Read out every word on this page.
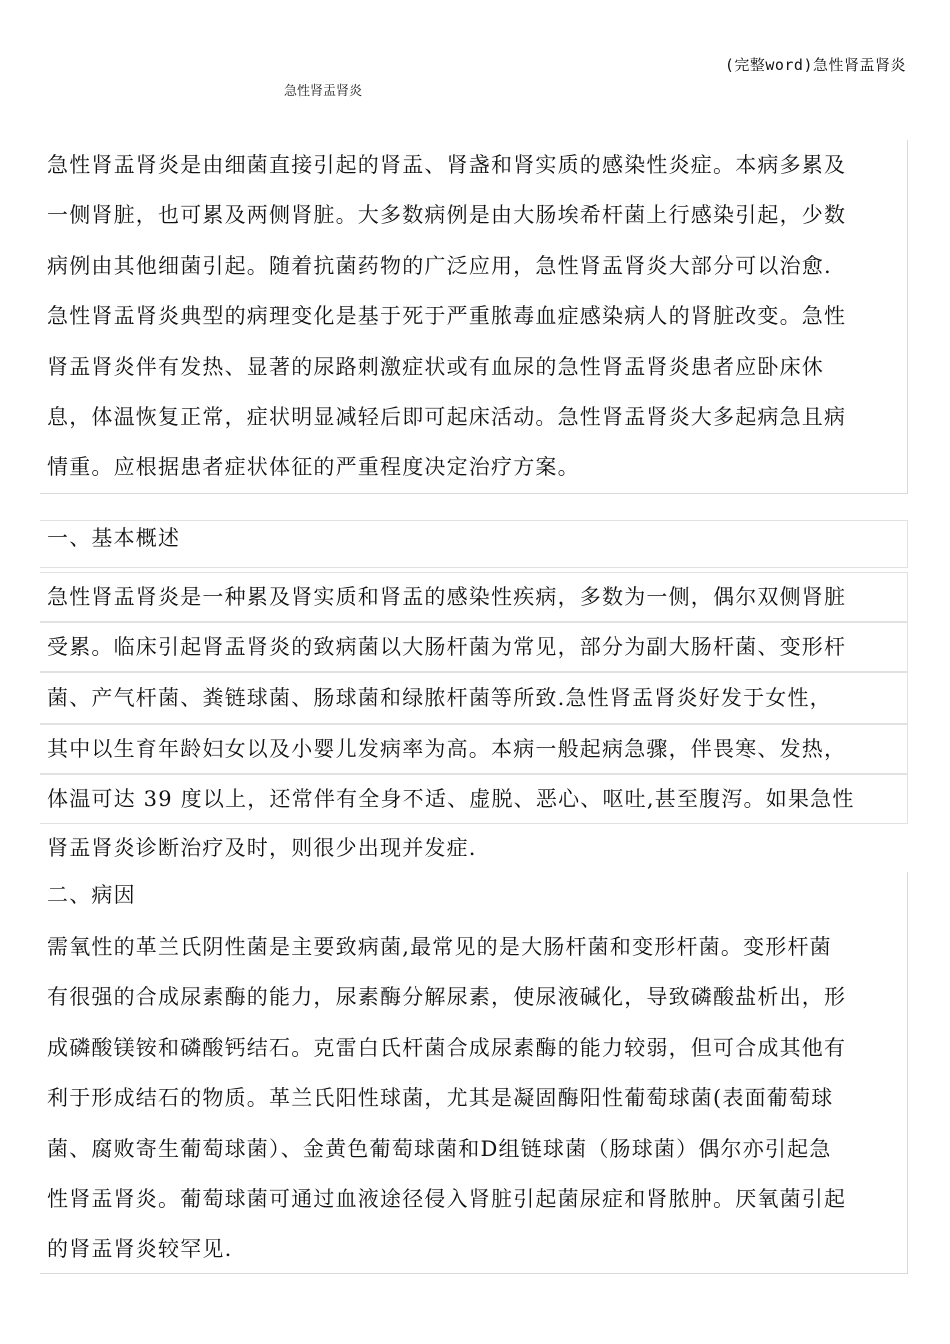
(完整word)急性肾盂肾炎
急性肾盂肾炎
急性肾盂肾炎是由细菌直接引起的肾盂、肾盏和肾实质的感染性炎症。本病多累及
一侧肾脏，也可累及两侧肾脏。大多数病例是由大肠埃希杆菌上行感染引起，少数
病例由其他细菌引起。随着抗菌药物的广泛应用，急性肾盂肾炎大部分可以治愈.
急性肾盂肾炎典型的病理变化是基于死于严重脓毒血症感染病人的肾脏改变。急性
肾盂肾炎伴有发热、显著的尿路刺激症状或有血尿的急性肾盂肾炎患者应卧床休
息，体温恢复正常，症状明显减轻后即可起床活动。急性肾盂肾炎大多起病急且病
情重。应根据患者症状体征的严重程度决定治疗方案。
一、基本概述
急性肾盂肾炎是一种累及肾实质和肾盂的感染性疾病，多数为一侧，偶尔双侧肾脏
受累。临床引起肾盂肾炎的致病菌以大肠杆菌为常见，部分为副大肠杆菌、变形杆
菌、产气杆菌、粪链球菌、肠球菌和绿脓杆菌等所致.急性肾盂肾炎好发于女性，
其中以生育年龄妇女以及小婴儿发病率为高。本病一般起病急骤，伴畏寒、发热，
体温可达 39 度以上，还常伴有全身不适、虚脱、恶心、呕吐,甚至腹泻。如果急性
肾盂肾炎诊断治疗及时，则很少出现并发症.
二、病因
需氧性的革兰氏阴性菌是主要致病菌,最常见的是大肠杆菌和变形杆菌。变形杆菌
有很强的合成尿素酶的能力，尿素酶分解尿素，使尿液碱化，导致磷酸盐析出，形
成磷酸镁铵和磷酸钙结石。克雷白氏杆菌合成尿素酶的能力较弱，但可合成其他有
利于形成结石的物质。革兰氏阳性球菌，尤其是凝固酶阳性葡萄球菌(表面葡萄球
菌、腐败寄生葡萄球菌）、金黄色葡萄球菌和D组链球菌（肠球菌）偶尔亦引起急
性肾盂肾炎。葡萄球菌可通过血液途径侵入肾脏引起菌尿症和肾脓肿。厌氧菌引起
的肾盂肾炎较罕见.
